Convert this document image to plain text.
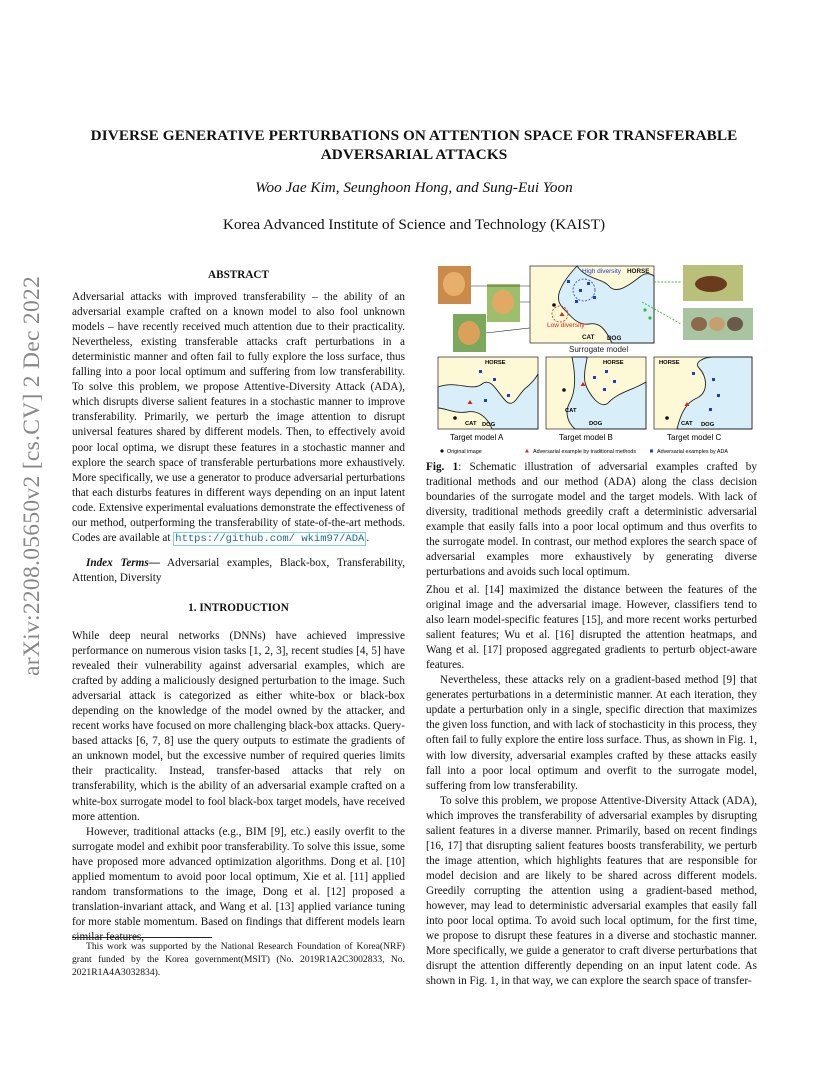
DIVERSE GENERATIVE PERTURBATIONS ON ATTENTION SPACE FOR TRANSFERABLE
ADVERSARIAL ATTACKS
Woo Jae Kim, Seunghoon Hong, and Sung-Eui Yoon
Korea Advanced Institute of Science and Technology (KAIST)
arXiv:2208.05650v2 [cs.CV] 2 Dec 2022
ABSTRACT

Adversarial attacks with improved transferability – the ability of an adversarial example crafted on a known model to also fool unknown models – have recently received much attention due to their practicality. Nevertheless, existing transferable attacks craft perturbations in a deterministic manner and often fail to fully explore the loss surface, thus falling into a poor local optimum and suffering from low transferability. To solve this problem, we propose Attentive-Diversity Attack (ADA), which disrupts diverse salient features in a stochastic manner to improve transferability. Primarily, we perturb the image attention to disrupt universal features shared by different models. Then, to effectively avoid poor local optima, we disrupt these features in a stochastic manner and explore the search space of transferable perturbations more exhaustively. More specifically, we use a generator to produce adversarial perturbations that each disturbs features in different ways depending on an input latent code. Extensive experimental evaluations demonstrate the effectiveness of our method, outperforming the transferability of state-of-the-art methods. Codes are available at https://github.com/ wkim97/ADA .

Index Terms— Adversarial examples, Black-box, Transferability, Attention, Diversity

1. INTRODUCTION

While deep neural networks (DNNs) have achieved impressive performance on numerous vision tasks [1, 2, 3], recent studies [4, 5] have revealed their vulnerability against adversarial examples, which are crafted by adding a maliciously designed perturbation to the image. Such adversarial attack is categorized as either white-box or black-box depending on the knowledge of the model owned by the attacker, and recent works have focused on more challenging black-box attacks. Query-based attacks [6, 7, 8] use the query outputs to estimate the gradients of an unknown model, but the excessive number of required queries limits their practicality. Instead, transfer-based attacks that rely on transferability, which is the ability of an adversarial example crafted on a white-box surrogate model to fool black-box target models, have received more attention.

However, traditional attacks (e.g., BIM [9], etc.) easily overfit to the surrogate model and exhibit poor transferability. To solve this issue, some have proposed more advanced optimization algorithms. Dong et al. [10] applied momentum to avoid poor local optimum, Xie et al. [11] applied random transformations to the image, Dong et al. [12] proposed a translation-invariant attack, and Wang et al. [13] applied variance tuning for more stable momentum. Based on findings that different models learn similar features,

This work was supported by the National Research Foundation of Korea(NRF) grant funded by the Korea government(MSIT) (No. 2019R1A2C3002833, No. 2021R1A4A3032834).
High diversity HORSE
Low diversity
CAT DOG
Surrogate model
HORSE
CAT DOG
Target model A
HORSE
CAT
DOG
Target model B
HORSE
CAT DOG
Target model C
Original image	Adversarial example by traditional methods	Adversarial examples by ADA
Fig. 1: Schematic illustration of adversarial examples crafted by traditional methods and our method (ADA) along the class decision boundaries of the surrogate model and the target models. With lack of diversity, traditional methods greedily craft a deterministic adversarial example that easily falls into a poor local optimum and thus overfits to the surrogate model. In contrast, our method explores the search space of adversarial examples more exhaustively by generating diverse perturbations and avoids such local optimum.

Zhou et al. [14] maximized the distance between the features of the original image and the adversarial image. However, classifiers tend to also learn model-specific features [15], and more recent works perturbed salient features; Wu et al. [16] disrupted the attention heatmaps, and Wang et al. [17] proposed aggregated gradients to perturb object-aware features.

Nevertheless, these attacks rely on a gradient-based method [9] that generates perturbations in a deterministic manner. At each iteration, they update a perturbation only in a single, specific direction that maximizes the given loss function, and with lack of stochasticity in this process, they often fail to fully explore the entire loss surface. Thus, as shown in Fig. 1, with low diversity, adversarial examples crafted by these attacks easily fall into a poor local optimum and overfit to the surrogate model, suffering from low transferability.

To solve this problem, we propose Attentive-Diversity Attack (ADA), which improves the transferability of adversarial examples by disrupting salient features in a diverse manner. Primarily, based on recent findings [16, 17] that disrupting salient features boosts transferability, we perturb the image attention, which highlights features that are responsible for model decision and are likely to be shared across different models. Greedily corrupting the attention using a gradient-based method, however, may lead to deterministic adversarial examples that easily fall into poor local optima. To avoid such local optimum, for the first time, we propose to disrupt these features in a diverse and stochastic manner. More specifically, we guide a generator to craft diverse perturbations that disrupt the attention differently depending on an input latent code. As shown in Fig. 1, in that way, we can explore the search space of transfer-
